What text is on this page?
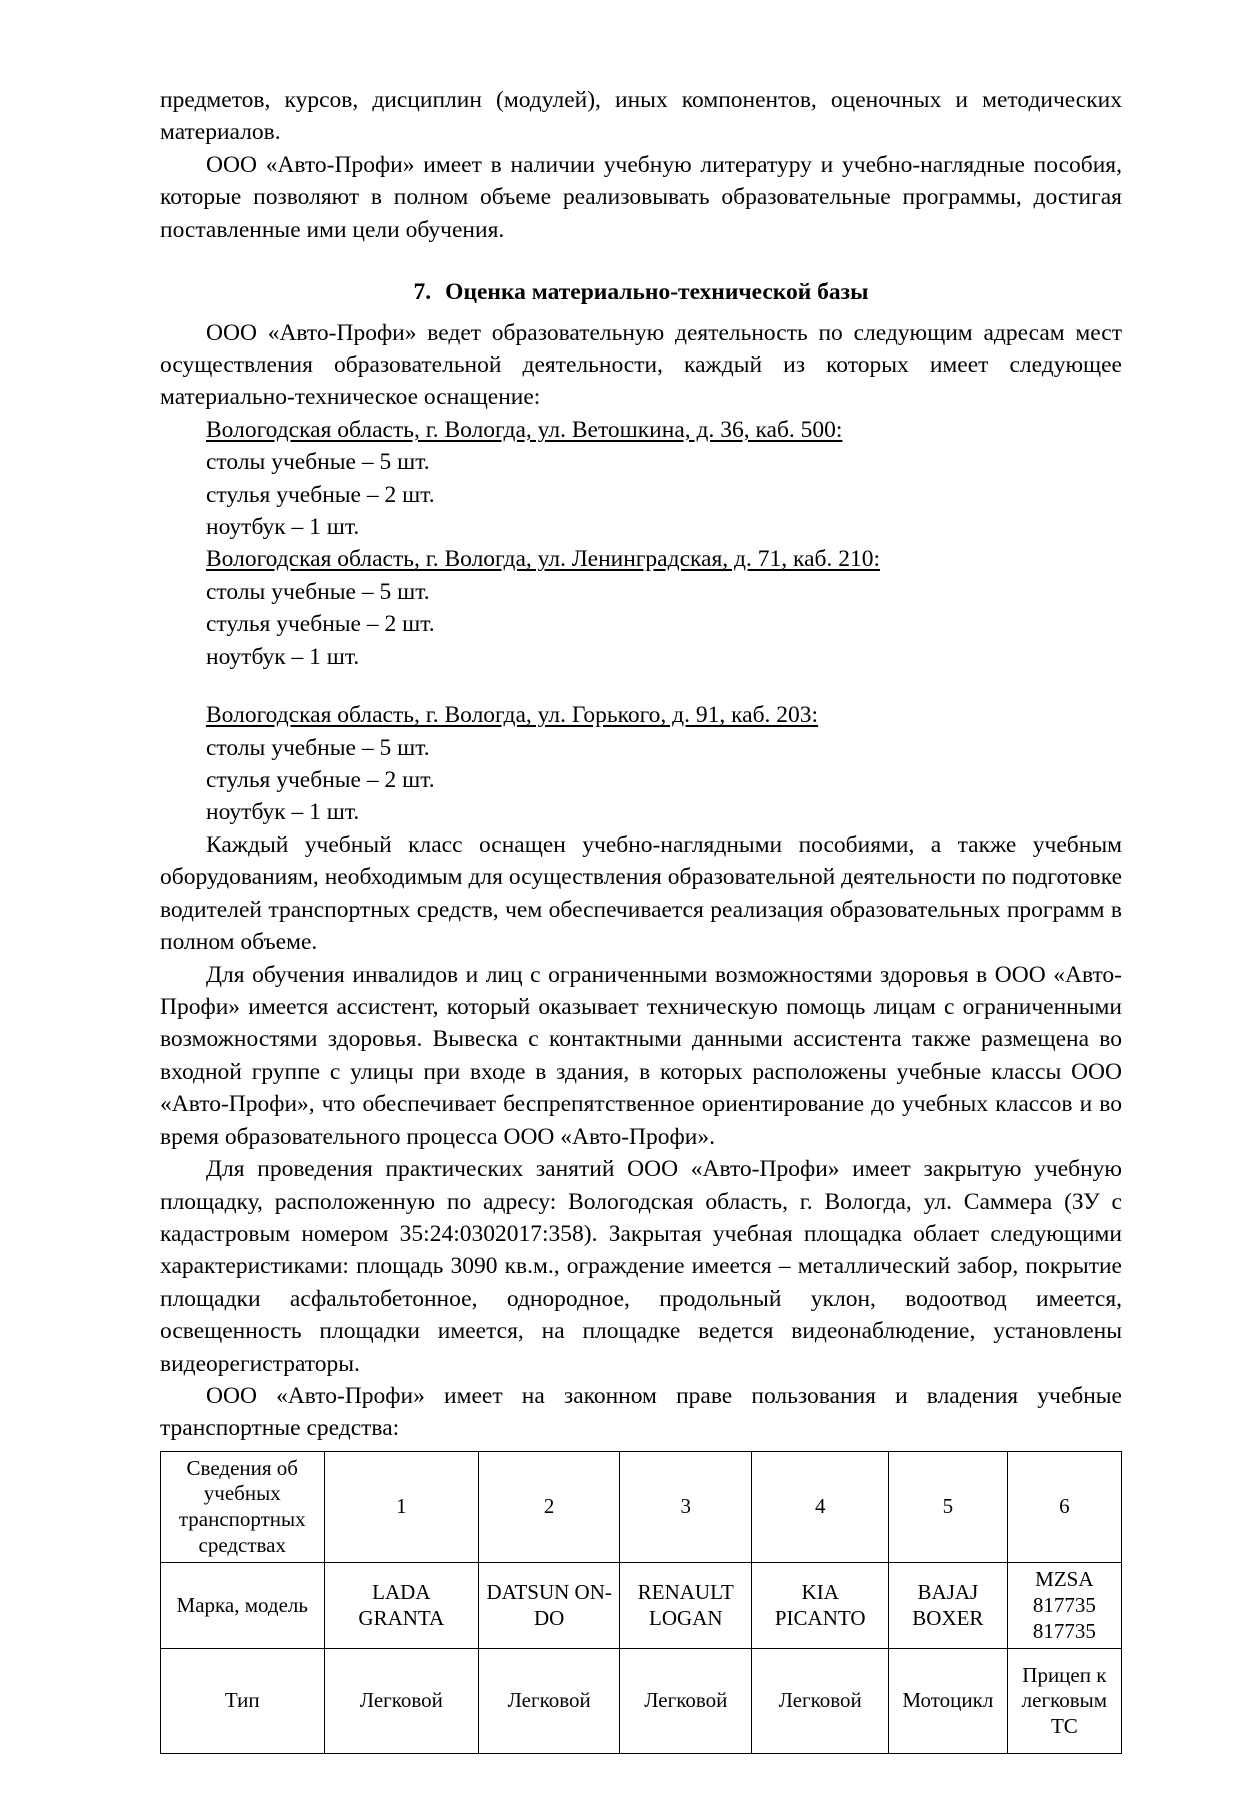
предметов, курсов, дисциплин (модулей), иных компонентов, оценочных и методических материалов.

ООО «Авто-Профи» имеет в наличии учебную литературу и учебно-наглядные пособия, которые позволяют в полном объеме реализовывать образовательные программы, достигая поставленные ими цели обучения.

7. Оценка материально-технической базы

ООО «Авто-Профи» ведет образовательную деятельность по следующим адресам мест осуществления образовательной деятельности, каждый из которых имеет следующее материально-техническое оснащение:

Вологодская область, г. Вологда, ул. Ветошкина, д. 36, каб. 500:

столы учебные – 5 шт.

стулья учебные – 2 шт.

ноутбук – 1 шт.

Вологодская область, г. Вологда, ул. Ленинградская, д. 71, каб. 210:

столы учебные – 5 шт.

стулья учебные – 2 шт.

ноутбук – 1 шт.

Вологодская область, г. Вологда, ул. Горького, д. 91, каб. 203:

столы учебные – 5 шт.

стулья учебные – 2 шт.

ноутбук – 1 шт.

Каждый учебный класс оснащен учебно-наглядными пособиями, а также учебным оборудованиям, необходимым для осуществления образовательной деятельности по подготовке водителей транспортных средств, чем обеспечивается реализация образовательных программ в полном объеме.

Для обучения инвалидов и лиц с ограниченными возможностями здоровья в ООО «Авто-Профи» имеется ассистент, который оказывает техническую помощь лицам с ограниченными возможностями здоровья. Вывеска с контактными данными ассистента также размещена во входной группе с улицы при входе в здания, в которых расположены учебные классы ООО «Авто-Профи», что обеспечивает беспрепятственное ориентирование до учебных классов и во время образовательного процесса ООО «Авто-Профи».

Для проведения практических занятий ООО «Авто-Профи» имеет закрытую учебную площадку, расположенную по адресу: Вологодская область, г. Вологда, ул. Саммера (ЗУ с кадастровым номером 35:24:0302017:358). Закрытая учебная площадка облает следующими характеристиками: площадь 3090 кв.м., ограждение имеется – металлический забор, покрытие площадки асфальтобетонное, однородное, продольный уклон, водоотвод имеется, освещенность площадки имеется, на площадке ведется видеонаблюдение, установлены видеорегистраторы.

ООО «Авто-Профи» имеет на законном праве пользования и владения учебные транспортные средства:

Сведения об учебных транспортных средствах	1	2	3	4	5	6
Марка, модель	LADA GRANTA	DATSUN ON-DO	RENAULT LOGAN	KIA PICANTO	BAJAJ BOXER	MZSA 817735 817735
Тип	Легковой	Легковой	Легковой	Легковой	Мотоцикл	Прицеп к легковым ТС
